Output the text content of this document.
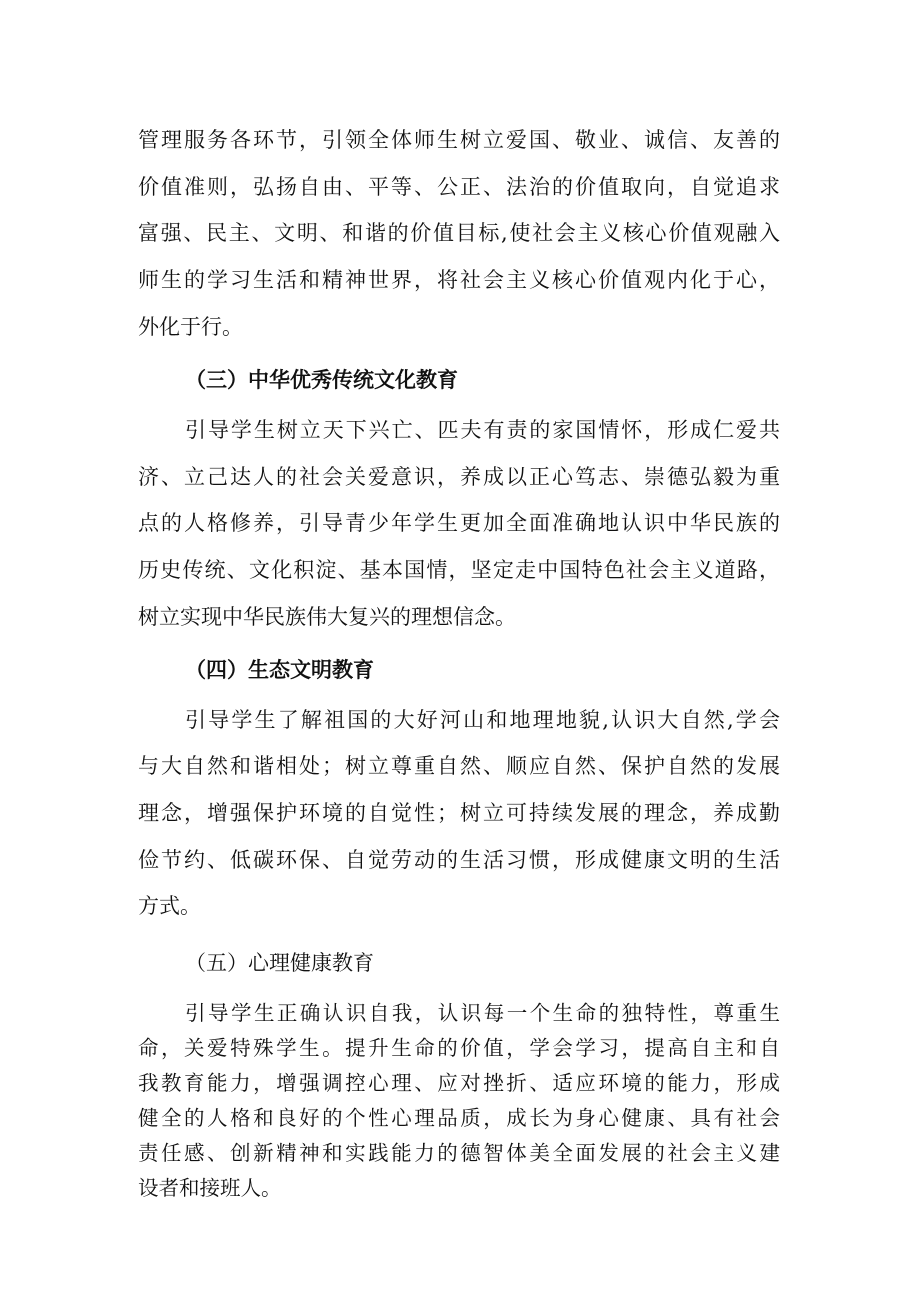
管理服务各环节，引领全体师生树立爱国、敬业、诚信、友善的
价值准则，弘扬自由、平等、公正、法治的价值取向，自觉追求
富强、民主、文明、和谐的价值目标,使社会主义核心价值观融入
师生的学习生活和精神世界，将社会主义核心价值观内化于心，
外化于行。
（三）中华优秀传统文化教育
引导学生树立天下兴亡、匹夫有责的家国情怀，形成仁爱共
济、立己达人的社会关爱意识，养成以正心笃志、崇德弘毅为重
点的人格修养，引导青少年学生更加全面准确地认识中华民族的
历史传统、文化积淀、基本国情，坚定走中国特色社会主义道路，
树立实现中华民族伟大复兴的理想信念。
（四）生态文明教育
引导学生了解祖国的大好河山和地理地貌,认识大自然,学会
与大自然和谐相处；树立尊重自然、顺应自然、保护自然的发展
理念，增强保护环境的自觉性；树立可持续发展的理念，养成勤
俭节约、低碳环保、自觉劳动的生活习惯，形成健康文明的生活
方式。
（五）心理健康教育
引导学生正确认识自我，认识每一个生命的独特性，尊重生
命，关爱特殊学生。提升生命的价值，学会学习，提高自主和自
我教育能力，增强调控心理、应对挫折、适应环境的能力，形成
健全的人格和良好的个性心理品质，成长为身心健康、具有社会
责任感、创新精神和实践能力的德智体美全面发展的社会主义建
设者和接班人。
